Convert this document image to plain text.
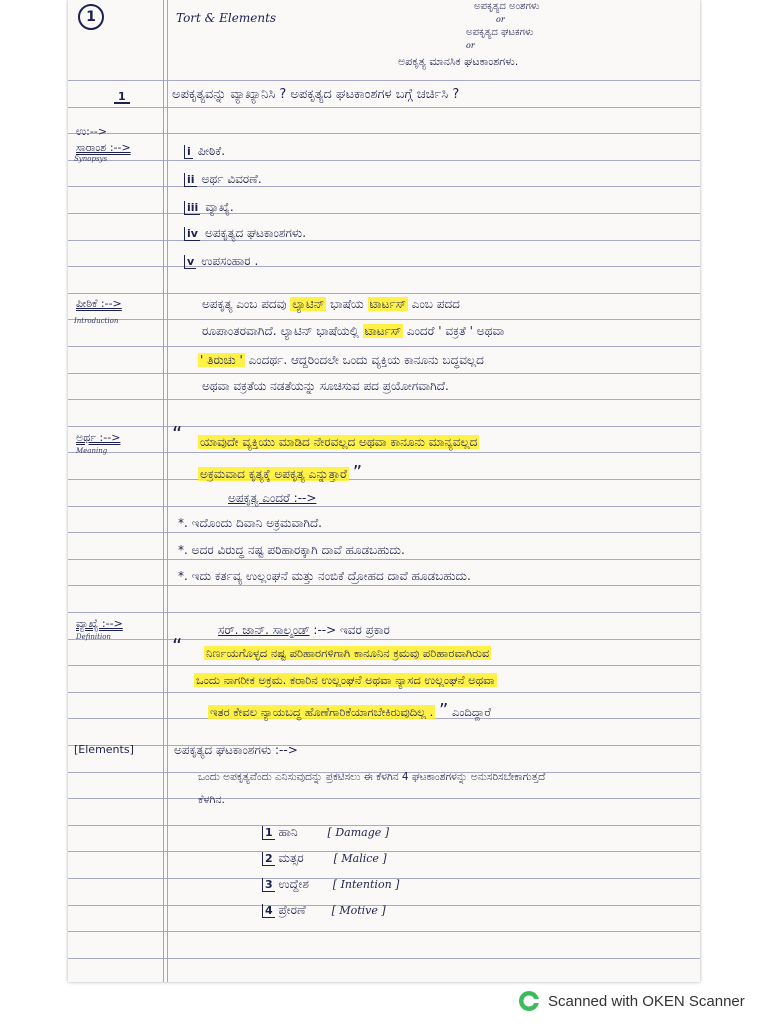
1	Tort & Elements
ಅಪಕೃತ್ಯದ ಅಂಶಗಳು
or
ಅಪಕೃತ್ಯದ ಘಟಕಗಳು
or
ಅಪಕೃತ್ಯ ಮಾನಸಿಕ ಘಟಕಾಂಶಗಳು.
1	ಅಪಕೃತ್ಯವನ್ನು ವ್ಯಾಖ್ಯಾನಿಸಿ ? ಅಪಕೃತ್ಯದ ಘಟಕಾಂಶಗಳ ಬಗ್ಗೆ ಚರ್ಚಿಸಿ ?
ಉ:-->
ಸಾರಾಂಶ :-->
Synopsys
i ಪೀಠಿಕೆ.
ii ಅರ್ಥ ವಿವರಣೆ.
iii ವ್ಯಾಖ್ಯೆ.
iv ಅಪಕೃತ್ಯದ ಘಟಕಾಂಶಗಳು.
v ಉಪಸಂಹಾರ .
ಪೀಠಿಕೆ :-->
Introduction
ಅಪಕೃತ್ಯ ಎಂಬ ಪದವು ಲ್ಯಾಟಿನ್ ಭಾಷೆಯ ಟಾರ್ಟಸ್ ಎಂಬ ಪದದ
ರೂಪಾಂತರವಾಗಿದೆ. ಲ್ಯಾಟಿನ್ ಭಾಷೆಯಲ್ಲಿ ಟಾರ್ಟಸ್ ಎಂದರೆ ' ವಕ್ರತೆ ' ಅಥವಾ
' ತಿರುಚು ' ಎಂದರ್ಥ. ಆದ್ದರಿಂದಲೇ ಒಂದು ವ್ಯಕ್ತಿಯ ಕಾನೂನು ಬದ್ಧವಲ್ಲದ
ಅಥವಾ ವಕ್ರತೆಯ ನಡತೆಯನ್ನು ಸೂಚಿಸುವ ಪದ ಪ್ರಯೋಗವಾಗಿದೆ.
ಅರ್ಥ :-->
Meaning
“ ಯಾವುದೇ ವ್ಯಕ್ತಿಯು ಮಾಡಿದ ನೇರವಲ್ಲದ ಅಥವಾ ಕಾನೂನು ಮಾನ್ಯವಲ್ಲದ
ಅಕ್ರಮವಾದ ಕೃತ್ಯಕ್ಕೆ ಅಪಕೃತ್ಯ ಎನ್ನುತ್ತಾರೆ ”
ಅಪಕೃತ್ಯ ಎಂದರೆ :-->
*. ಇದೊಂದು ದಿವಾನಿ ಅಕ್ರಮವಾಗಿದೆ.
*. ಅದರ ವಿರುದ್ಧ ನಷ್ಟ ಪರಿಹಾರಕ್ಕಾಗಿ ದಾವೆ ಹೂಡಬಹುದು.
*. ಇದು ಕರ್ತವ್ಯ ಉಲ್ಲಂಘನೆ ಮತ್ತು ನಂಬಿಕೆ ದ್ರೋಹದ ದಾವೆ ಹೂಡಬಹುದು.
ವ್ಯಾಖ್ಯೆ :-->
Definition	ಸರ್. ಜಾನ್. ಸಾಲ್ಮಂಡ್ :--> ಇವರ ಪ್ರಕಾರ
“ ನಿರ್ಣಯಗೊಳ್ಳದ ನಷ್ಟ ಪರಿಹಾರಗಳಿಗಾಗಿ ಕಾನೂನಿನ ಕ್ರಮವು ಪರಿಹಾರವಾಗಿರುವ
ಒಂದು ನಾಗರೀಕ ಅಕ್ರಮ. ಕರಾರಿನ ಉಲ್ಲಂಘನೆ ಅಥವಾ ನ್ಯಾಸದ ಉಲ್ಲಂಘನೆ ಅಥವಾ
ಇತರ ಕೇವಲ ನ್ಯಾಯಬದ್ಧ ಹೊಣೆಗಾರಿಕೆಯಾಗಬೇಕಿರುವುದಿಲ್ಲ . ” ಎಂದಿದ್ದಾರೆ
[Elements]	ಅಪಕೃತ್ಯದ ಘಟಕಾಂಶಗಳು :-->
ಒಂದು ಅಪಕೃತ್ಯವೆಂದು ಎನಿಸುವುದನ್ನು ಪ್ರಕಟಿಸಲು ಈ ಕೆಳಗಿನ 4 ಘಟಕಾಂಶಗಳನ್ನು ಅನುಸರಿಸಬೇಕಾಗುತ್ತದೆ
ಕೆಳಗಿನ.
1 ಹಾನಿ	[ Damage ]
2 ಮತ್ಸರ	[ Malice ]
3 ಉದ್ದೇಶ [ Intention ]
4 ಪ್ರೇರಣೆ [ Motive ]
Scanned with OKEN Scanner
